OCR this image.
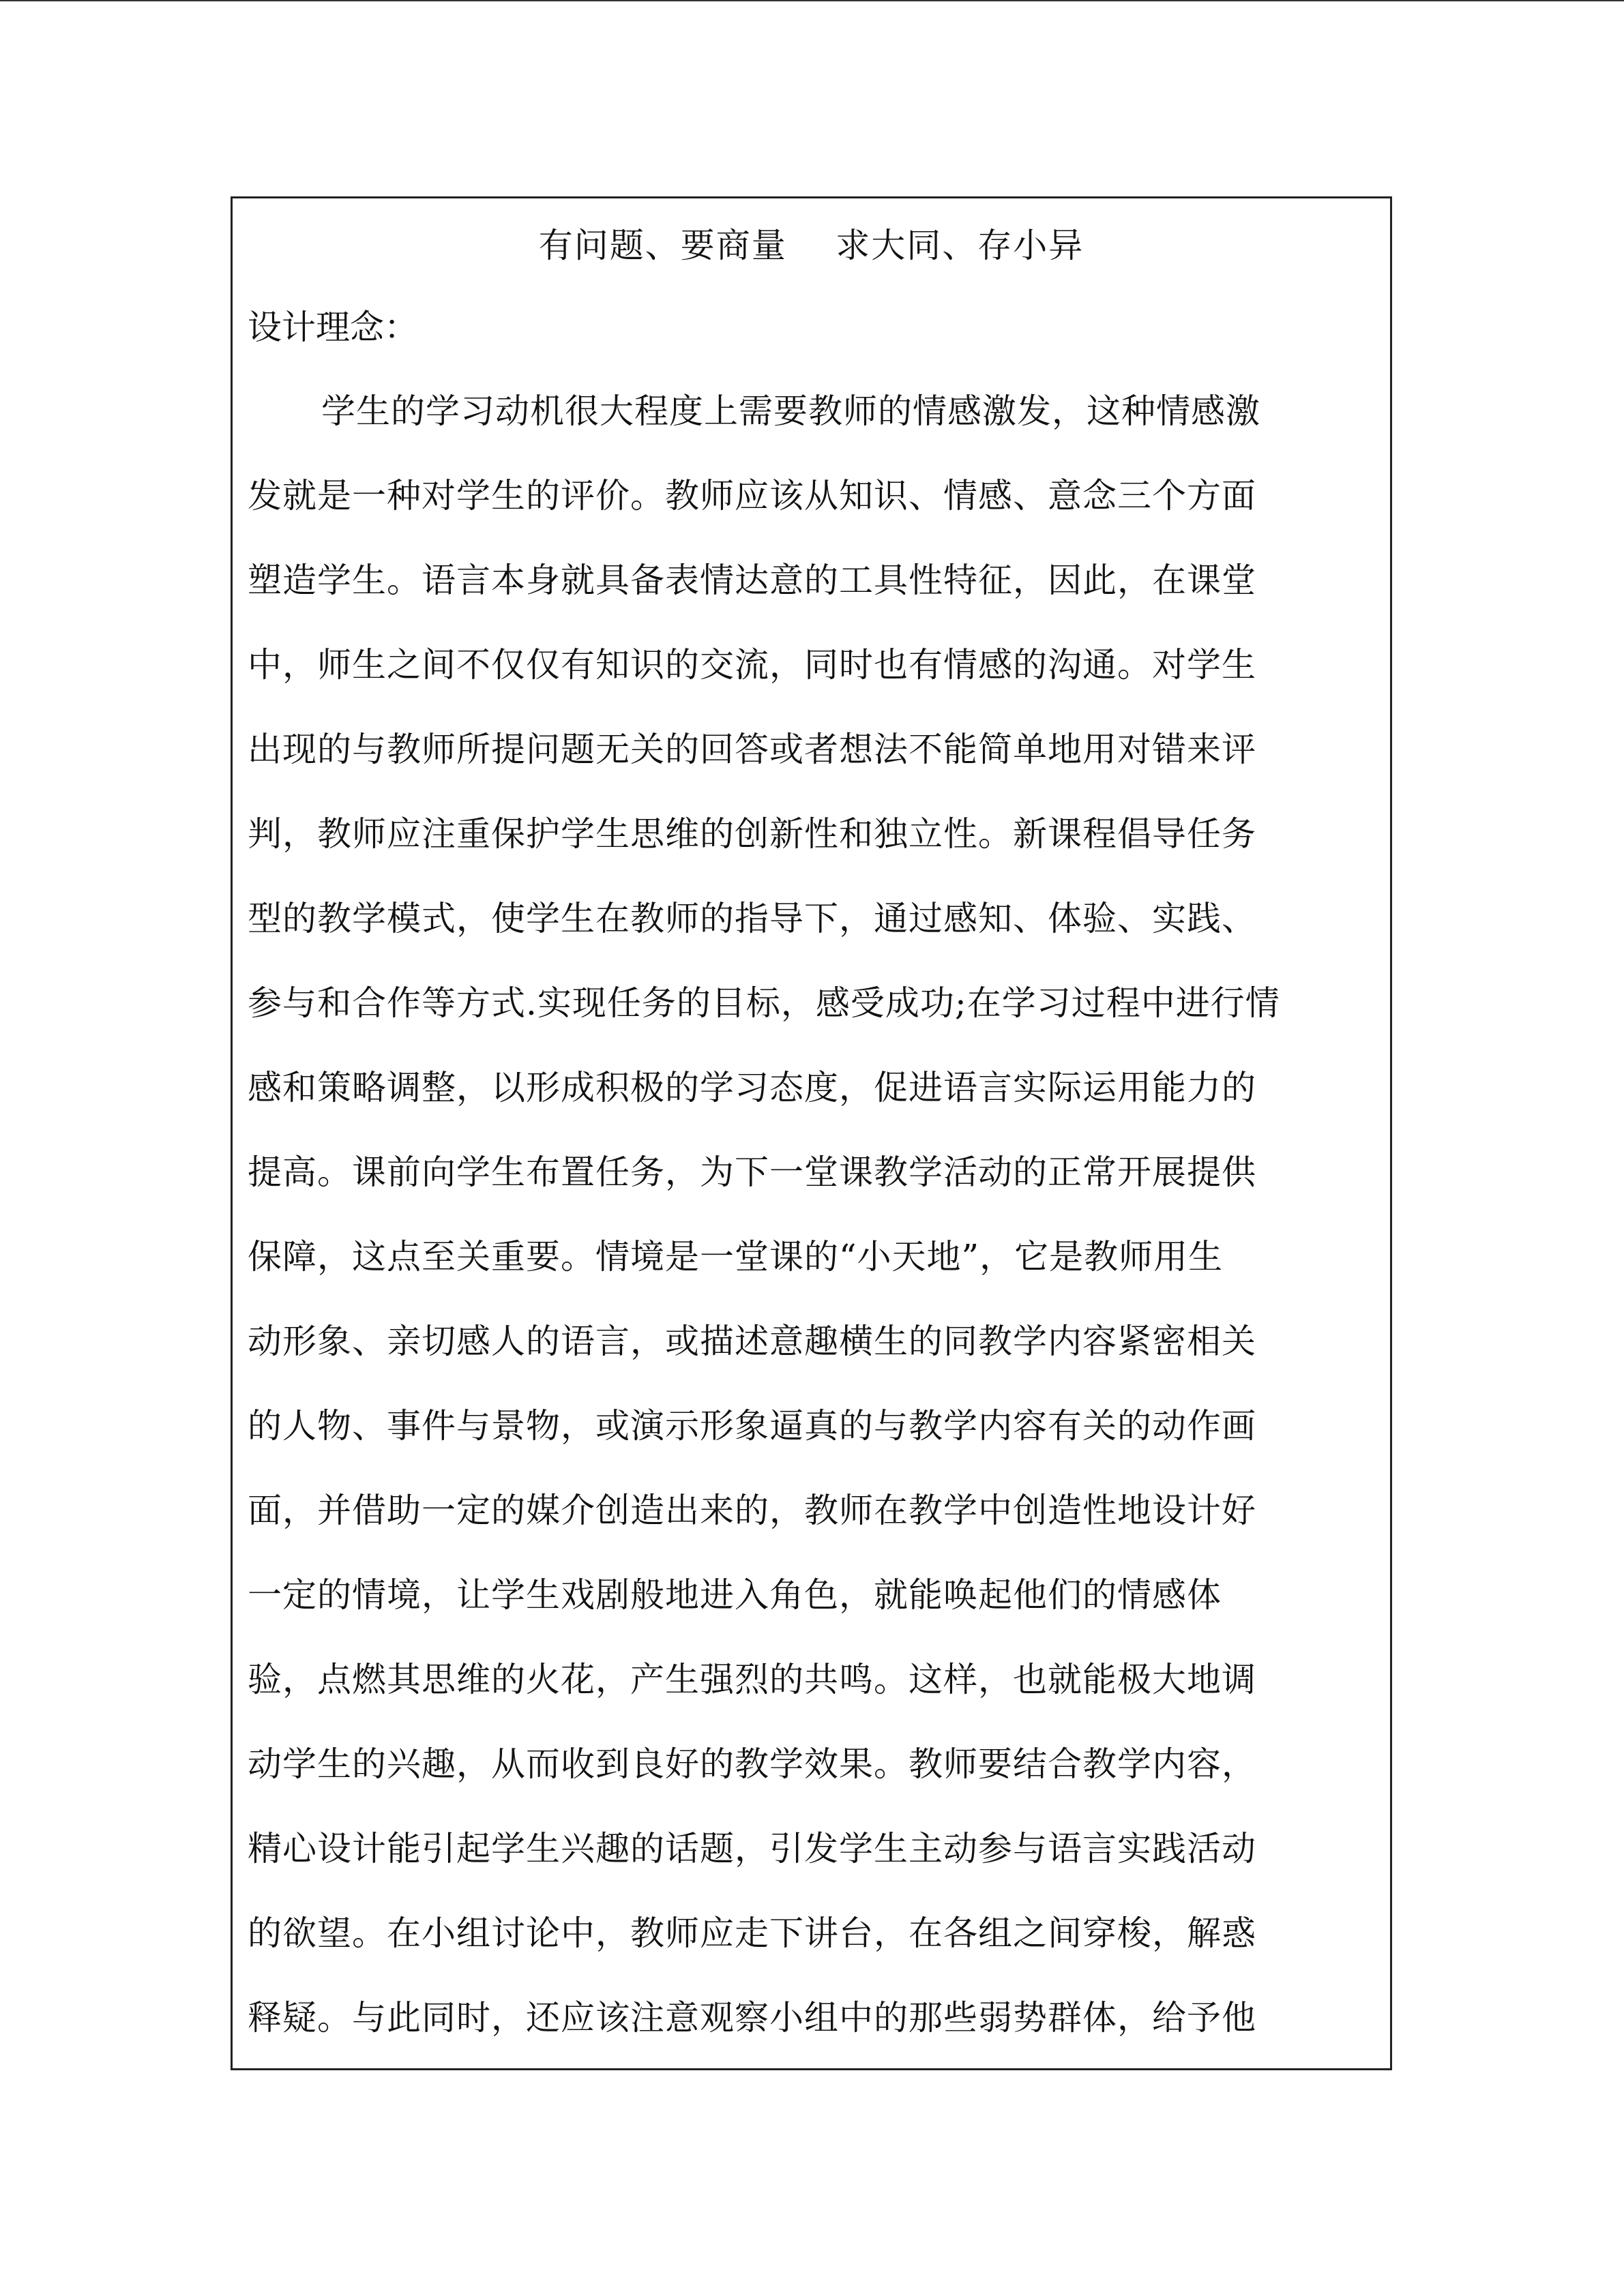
有问题、要商量    求大同、存小异
设计理念：
学生的学习动机很大程度上需要教师的情感激发，这种情感激
发就是一种对学生的评价。教师应该从知识、情感、意念三个方面
塑造学生。语言本身就具备表情达意的工具性特征，因此，在课堂
中，师生之间不仅仅有知识的交流，同时也有情感的沟通。对学生
出现的与教师所提问题无关的回答或者想法不能简单地用对错来评
判，教师应注重保护学生思维的创新性和独立性。新课程倡导任务
型的教学模式，使学生在教师的指导下，通过感知、体验、实践、
参与和合作等方式.实现任务的目标，感受成功;在学习过程中进行情
感和策略调整，以形成积极的学习态度，促进语言实际运用能力的
提高。课前向学生布置任务，为下一堂课教学活动的正常开展提供
保障，这点至关重要。情境是一堂课的“小天地”，它是教师用生
动形象、亲切感人的语言，或描述意趣横生的同教学内容紧密相关
的人物、事件与景物，或演示形象逼真的与教学内容有关的动作画
面，并借助一定的媒介创造出来的，教师在教学中创造性地设计好
一定的情境，让学生戏剧般地进入角色，就能唤起他们的情感体
验，点燃其思维的火花，产生强烈的共鸣。这样，也就能极大地调
动学生的兴趣，从而收到良好的教学效果。教师要结合教学内容，
精心设计能引起学生兴趣的话题，引发学生主动参与语言实践活动
的欲望。在小组讨论中，教师应走下讲台，在各组之间穿梭，解惑
释疑。与此同时，还应该注意观察小组中的那些弱势群体，给予他
